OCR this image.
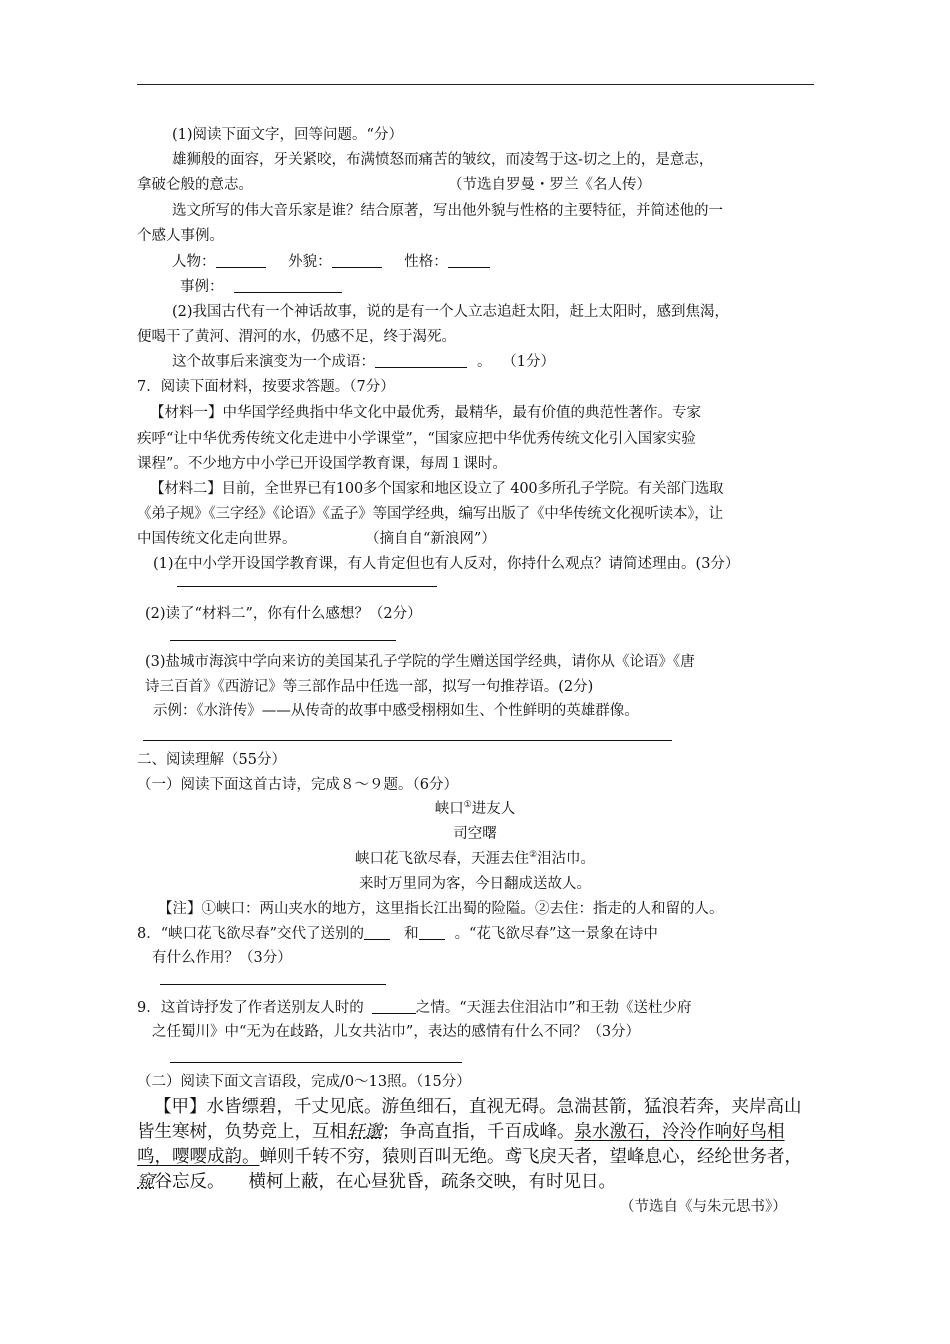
(1)阅读下面文字，回等问题。“分）
雄狮般的面容，牙关紧咬，布满愤怒而痛苦的皱纹，而凌驾于这-切之上的，是意志，
拿破仑般的意志。	（节选自罗曼・罗兰《名人传）
选文所写的伟大音乐家是谁？结合原著，写出他外貌与性格的主要特征，并简述他的一
个感人事例。
人物：	外貌：	性格：
事例：
(2)我国古代有一个神话故事，说的是有一个人立志追赶太阳，赶上太阳时，感到焦渴，
便喝干了黄河、渭河的水，仍感不足，终于渴死。
这个故事后来演变为一个成语：	。 （1分）
7．阅读下面材料，按要求答题。（7分）
【材料一】中华国学经典指中华文化中最优秀，最精华，最有价值的典范性著作。专家
疾呼“让中华优秀传统文化走进中小学课堂”，“国家应把中华优秀传统文化引入国家实验
课程”。不少地方中小学已开设国学教育课，每周１课时。
【材料二】目前，全世界已有100多个国家和地区设立了 400多所孔子学院。有关部门选取
《弟子规》《三字经》《论语》《孟子》等国学经典，编写出版了《中华传统文化视听读本》，让
中国传统文化走向世界。	（摘自自“新浪网”）
(1)在中小学开设国学教育课，有人肯定但也有人反对，你持什么观点？请简述理由。(3分）
(2)读了“材料二”，你有什么感想？（2分）
(3)盐城市海滨中学向来访的美国某孔子学院的学生赠送国学经典，请你从《论语》《唐
诗三百首》《西游记》等三部作品中任选一部，拟写一句推荐语。(2分)
示例：《水浒传》——从传奇的故事中感受栩栩如生、个性鲜明的英雄群像。
二、阅读理解（55分）
（一）阅读下面这首古诗，完成８～９题。（6分）
峡口①进友人
司空曙
峡口花飞欲尽春，天涯去住②泪沾巾。
来时万里同为客，今日翻成送故人。
【注】①峡口：两山夹水的地方，这里指长江出蜀的险隘。②去住：指走的人和留的人。
8．“峡口花飞欲尽春”交代了送别的	和 。“花飞欲尽春”这一景象在诗中
有什么作用？（3分）
9．这首诗抒发了作者送别友人时的	之情。“天涯去住泪沾巾”和王勃《送杜少府
之任蜀川》中“无为在歧路，儿女共沾巾”，表达的感情有什么不同？（3分）
（二）阅读下面文言语段，完成/0～13照。（15分）
【甲】水皆缥碧，千丈见底。游鱼细石，直视无碍。急湍甚箭，猛浪若奔，夹岸高山
皆生寒树，负势竞上，互相轩邈；争高直指，千百成峰。泉水激石，泠泠作响好鸟相
鸣，嘤嘤成韵。蝉则千转不穷，猿则百叫无绝。鸢飞戾天者，望峰息心，经纶世务者，
窥谷忘反。 横柯上蔽，在心昼犹昏，疏条交映，有时见日。
（节选自《与朱元思书》）
